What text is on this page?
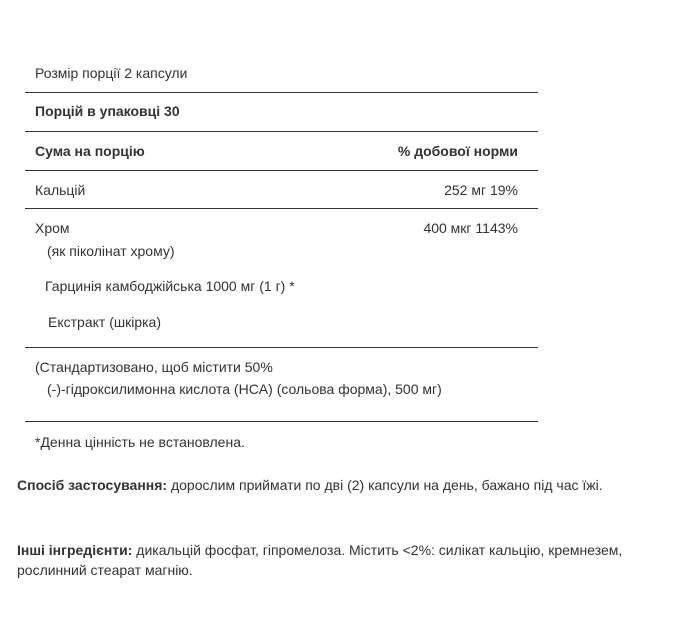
Розмір порції 2 капсули
Порцій в упаковці 30
Сума на порцію	% добової норми
Кальцій	252 мг 19%
Хром	400 мкг 1143%
(як піколінат хрому)
Гарцинія камбоджійська 1000 мг (1 г) *
Екстракт (шкірка)
(Стандартизовано, щоб містити 50%
(-)-гідроксилимонна кислота (HCA) (сольова форма), 500 мг)
*Денна цінність не встановлена.
Спосіб застосування: дорослим приймати по дві (2) капсули на день, бажано під час їжі.
Інші інгредієнти: дикальцій фосфат, гіпромелоза. Містить <2%: силікат кальцію, кремнезем, рослинний стеарат магнію.
